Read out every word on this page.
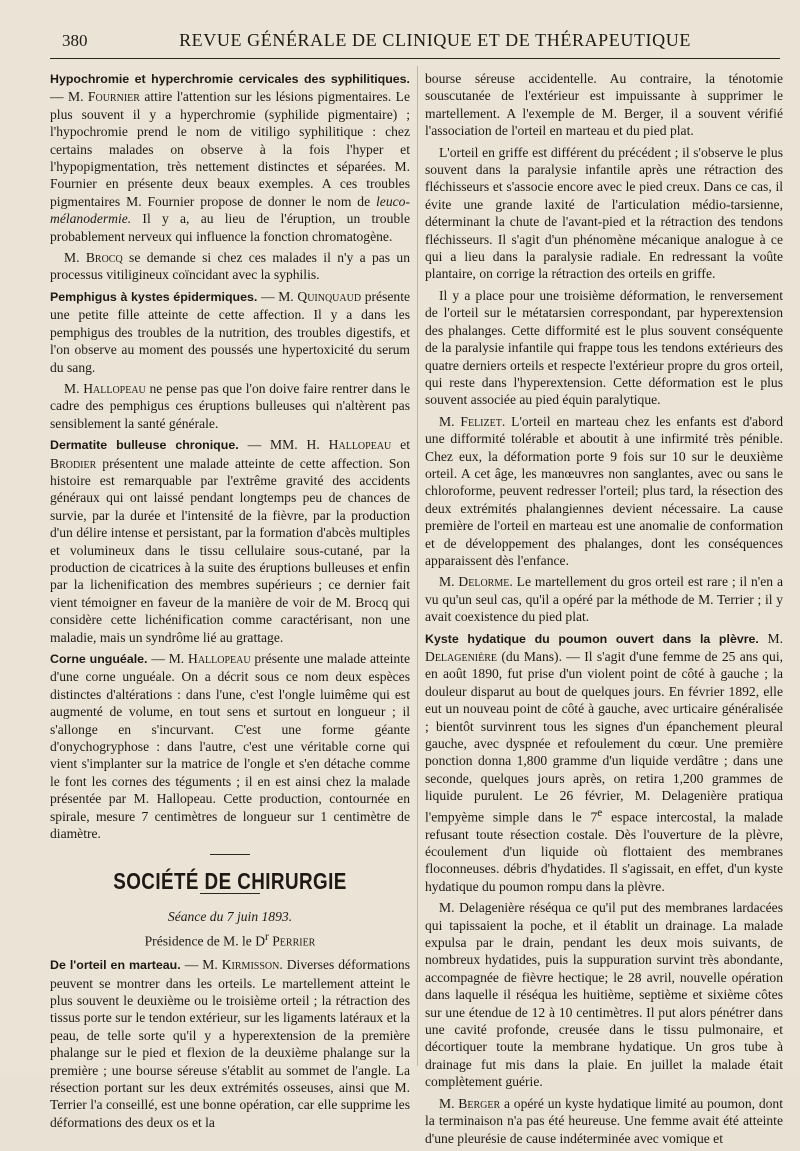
380	REVUE GÉNÉRALE DE CLINIQUE ET DE THÉRAPEUTIQUE

Hypochromie et hyperchromie cervicales des syphilitiques. — M. Fournier attire l'attention sur les lésions pigmentaires. Le plus souvent il y a hyperchromie (syphilide pigmentaire) ; l'hypochromie prend le nom de vitiligo syphilitique : chez certains malades on observe à la fois l'hyper et l'hypopigmentation, très nettement distinctes et séparées. M. Fournier en présente deux beaux exemples. A ces troubles pigmentaires M. Fournier propose de donner le nom de leuco-mélanodermie. Il y a, au lieu de l'éruption, un trouble probablement nerveux qui influence la fonction chromatogène.

M. Brocq se demande si chez ces malades il n'y a pas un processus vitiligineux coïncidant avec la syphilis.

Pemphigus à kystes épidermiques. — M. Quinquaud présente une petite fille atteinte de cette affection. Il y a dans les pemphigus des troubles de la nutrition, des troubles digestifs, et l'on observe au moment des poussés une hypertoxicité du serum du sang.

M. Hallopeau ne pense pas que l'on doive faire rentrer dans le cadre des pemphigus ces éruptions bulleuses qui n'altèrent pas sensiblement la santé générale.

Dermatite bulleuse chronique. — MM. H. Hallopeau et Brodier présentent une malade atteinte de cette affection. Son histoire est remarquable par l'extrême gravité des accidents généraux qui ont laissé pendant longtemps peu de chances de survie, par la durée et l'intensité de la fièvre, par la production d'un délire intense et persistant, par la formation d'abcès multiples et volumineux dans le tissu cellulaire sous-cutané, par la production de cicatrices à la suite des éruptions bulleuses et enfin par la lichenification des membres supérieurs ; ce dernier fait vient témoigner en faveur de la manière de voir de M. Brocq qui considère cette lichénification comme caractérisant, non une maladie, mais un syndrôme lié au grattage.

Corne unguéale. — M. Hallopeau présente une malade atteinte d'une corne unguéale. On a décrit sous ce nom deux espèces distinctes d'altérations : dans l'une, c'est l'ongle luimême qui est augmenté de volume, en tout sens et surtout en longueur ; il s'allonge en s'incurvant. C'est une forme géante d'onychogryphose : dans l'autre, c'est une véritable corne qui vient s'implanter sur la matrice de l'ongle et s'en détache comme le font les cornes des téguments ; il en est ainsi chez la malade présentée par M. Hallopeau. Cette production, contournée en spirale, mesure 7 centimètres de longueur sur 1 centimètre de diamètre.

SOCIÉTÉ DE CHIRURGIE

Séance du 7 juin 1893.

Présidence de M. le $D^r$ Perrier

De l'orteil en marteau. — M. Kirmisson. Diverses déformations peuvent se montrer dans les orteils. Le martellement atteint le plus souvent le deuxième ou le troisième orteil ; la rétraction des tissus porte sur le tendon extérieur, sur les ligaments latéraux et la peau, de telle sorte qu'il y a hyperextension de la première phalange sur le pied et flexion de la deuxième phalange sur la première ; une bourse séreuse s'établit au sommet de l'angle. La résection portant sur les deux extrémités osseuses, ainsi que M. Terrier l'a conseillé, est une bonne opération, car elle supprime les déformations des deux os et la

bourse séreuse accidentelle. Au contraire, la ténotomie souscutanée de l'extérieur est impuissante à supprimer le martellement. A l'exemple de M. Berger, il a souvent vérifié l'association de l'orteil en marteau et du pied plat.

L'orteil en griffe est différent du précédent ; il s'observe le plus souvent dans la paralysie infantile après une rétraction des fléchisseurs et s'associe encore avec le pied creux. Dans ce cas, il évite une grande laxité de l'articulation médio-tarsienne, déterminant la chute de l'avant-pied et la rétraction des tendons fléchisseurs. Il s'agit d'un phénomène mécanique analogue à ce qui a lieu dans la paralysie radiale. En redressant la voûte plantaire, on corrige la rétraction des orteils en griffe.

Il y a place pour une troisième déformation, le renversement de l'orteil sur le métatarsien correspondant, par hyperextension des phalanges. Cette difformité est le plus souvent conséquente de la paralysie infantile qui frappe tous les tendons extérieurs des quatre derniers orteils et respecte l'extérieur propre du gros orteil, qui reste dans l'hyperextension. Cette déformation est le plus souvent associée au pied équin paralytique.

M. Felizet. L'orteil en marteau chez les enfants est d'abord une difformité tolérable et aboutit à une infirmité très pénible. Chez eux, la déformation porte 9 fois sur 10 sur le deuxième orteil. A cet âge, les manœuvres non sanglantes, avec ou sans le chloroforme, peuvent redresser l'orteil; plus tard, la résection des deux extrémités phalangiennes devient nécessaire. La cause première de l'orteil en marteau est une anomalie de conformation et de développement des phalanges, dont les conséquences apparaissent dès l'enfance.

M. Delorme. Le martellement du gros orteil est rare ; il n'en a vu qu'un seul cas, qu'il a opéré par la méthode de M. Terrier ; il y avait coexistence du pied plat.

Kyste hydatique du poumon ouvert dans la plèvre. M. Delagenière (du Mans). — Il s'agit d'une femme de 25 ans qui, en août 1890, fut prise d'un violent point de côté à gauche ; la douleur disparut au bout de quelques jours. En février 1892, elle eut un nouveau point de côté à gauche, avec urticaire généralisée ; bientôt survinrent tous les signes d'un épanchement pleural gauche, avec dyspnée et refoulement du cœur. Une première ponction donna 1,800 gramme d'un liquide verdâtre ; dans une seconde, quelques jours après, on retira 1,200 grammes de liquide purulent. Le 26 février, M. Delagenière pratiqua l'empyème simple dans le 7e espace intercostal, la malade refusant toute résection costale. Dès l'ouverture de la plèvre, écoulement d'un liquide où flottaient des membranes floconneuses. débris d'hydatides. Il s'agissait, en effet, d'un kyste hydatique du poumon rompu dans la plèvre.

M. Delagenière réséqua ce qu'il put des membranes lardacées qui tapissaient la poche, et il établit un drainage. La malade expulsa par le drain, pendant les deux mois suivants, de nombreux hydatides, puis la suppuration survint très abondante, accompagnée de fièvre hectique; le 28 avril, nouvelle opération dans laquelle il réséqua les huitième, septième et sixième côtes sur une étendue de 12 à 10 centimètres. Il put alors pénétrer dans une cavité profonde, creusée dans le tissu pulmonaire, et décortiquer toute la membrane hydatique. Un gros tube à drainage fut mis dans la plaie. En juillet la malade était complètement guérie.

M. Berger a opéré un kyste hydatique limité au poumon, dont la terminaison n'a pas été heureuse. Une femme avait été atteinte d'une pleurésie de cause indéterminée avec vomique et
